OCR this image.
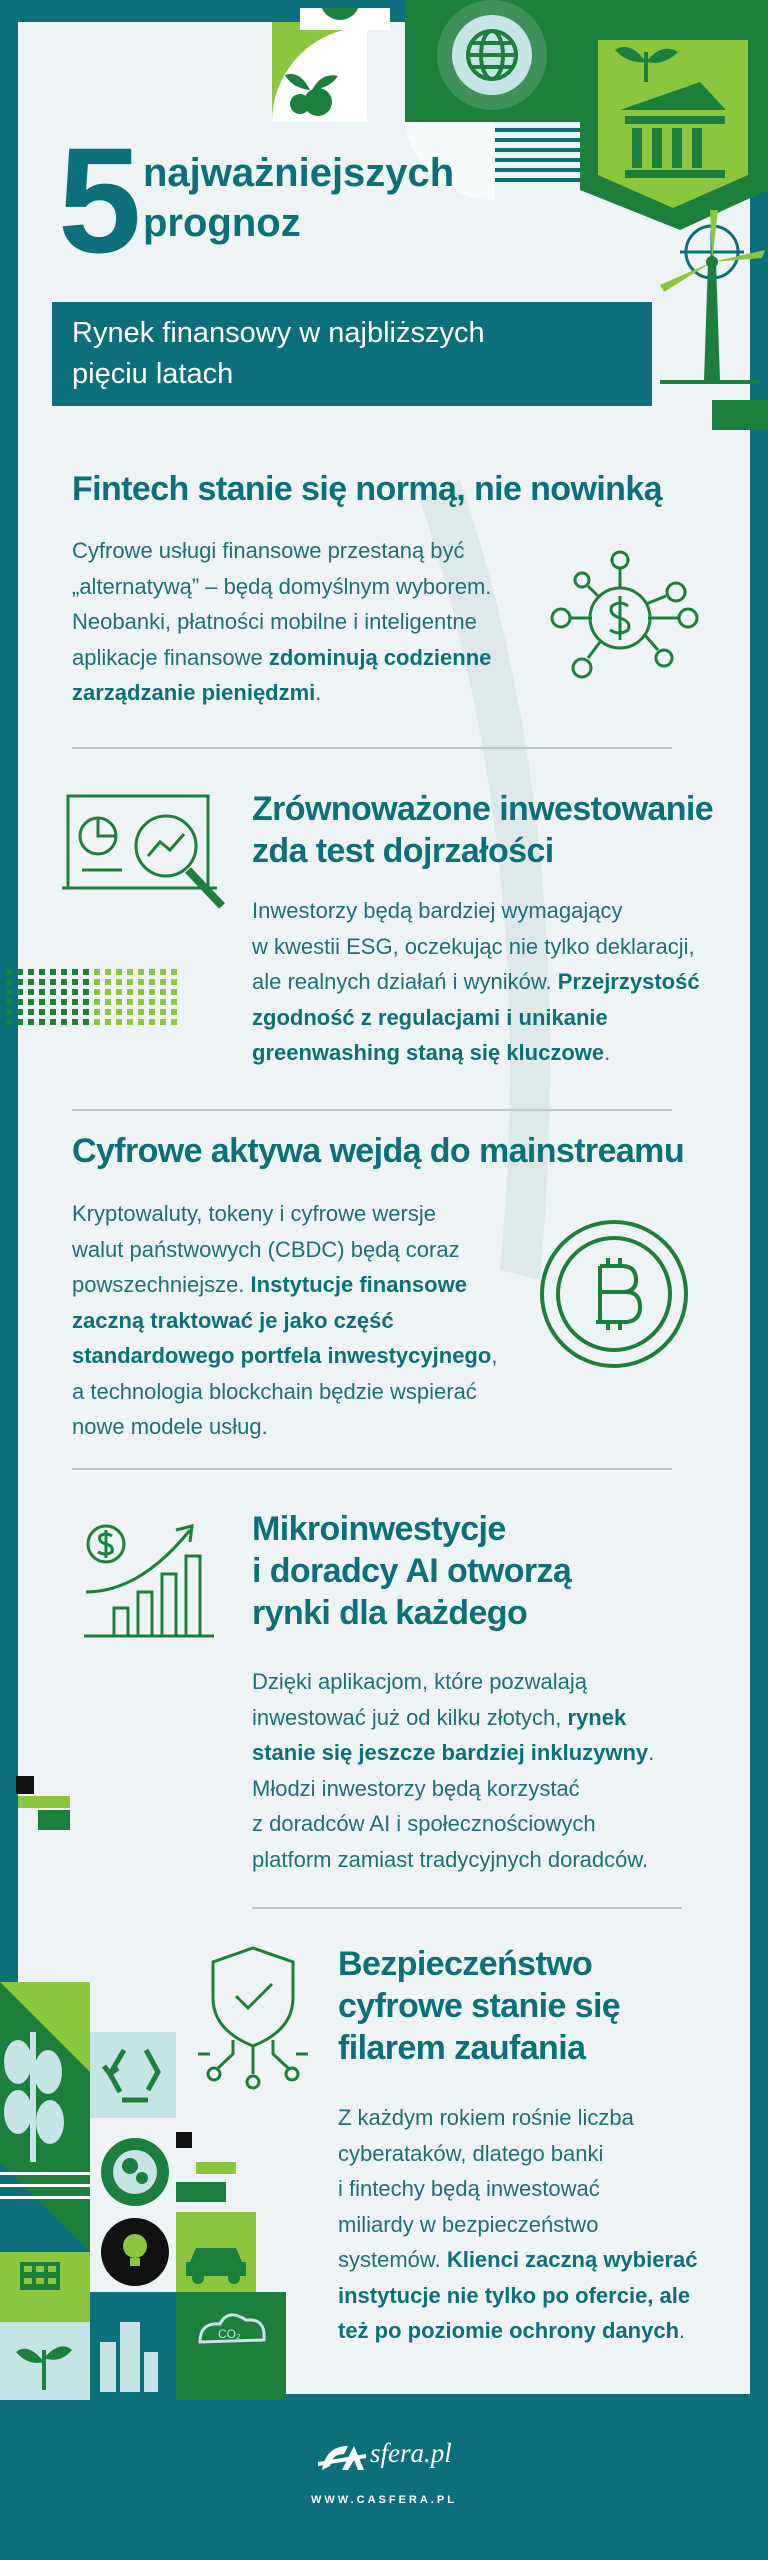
5 najważniejszych
prognoz
Rynek finansowy w najbliższych
pięciu latach
Fintech stanie się normą, nie nowinką
Cyfrowe usługi finansowe przestaną być
„alternatywą” – będą domyślnym wyborem.
Neobanki, płatności mobilne i inteligentne
aplikacje finansowe zdominują codzienne
zarządzanie pieniędzmi.
Zrównoważone inwestowanie
zda test dojrzałości
Inwestorzy będą bardziej wymagający
w kwestii ESG, oczekując nie tylko deklaracji,
ale realnych działań i wyników. Przejrzystość
zgodność z regulacjami i unikanie
greenwashing staną się kluczowe.
Cyfrowe aktywa wejdą do mainstreamu
Kryptowaluty, tokeny i cyfrowe wersje
walut państwowych (CBDC) będą coraz
powszechniejsze. Instytucje finansowe
zaczną traktować je jako część
standardowego portfela inwestycyjnego,
a technologia blockchain będzie wspierać
nowe modele usług.
Mikroinwestycje
i doradcy AI otworzą
rynki dla każdego
Dzięki aplikacjom, które pozwalają
inwestować już od kilku złotych, rynek
stanie się jeszcze bardziej inkluzywny.
Młodzi inwestorzy będą korzystać
z doradców AI i społecznościowych
platform zamiast tradycyjnych doradców.
Bezpieczeństwo
cyfrowe stanie się
filarem zaufania
Z każdym rokiem rośnie liczba
cyberataków, dlatego banki
i fintechy będą inwestować
miliardy w bezpieczeństwo
systemów. Klienci zaczną wybierać
instytucje nie tylko po ofercie, ale
też po poziomie ochrony danych.
CO₂
sfera.pl
WWW.CASFERA.PL
